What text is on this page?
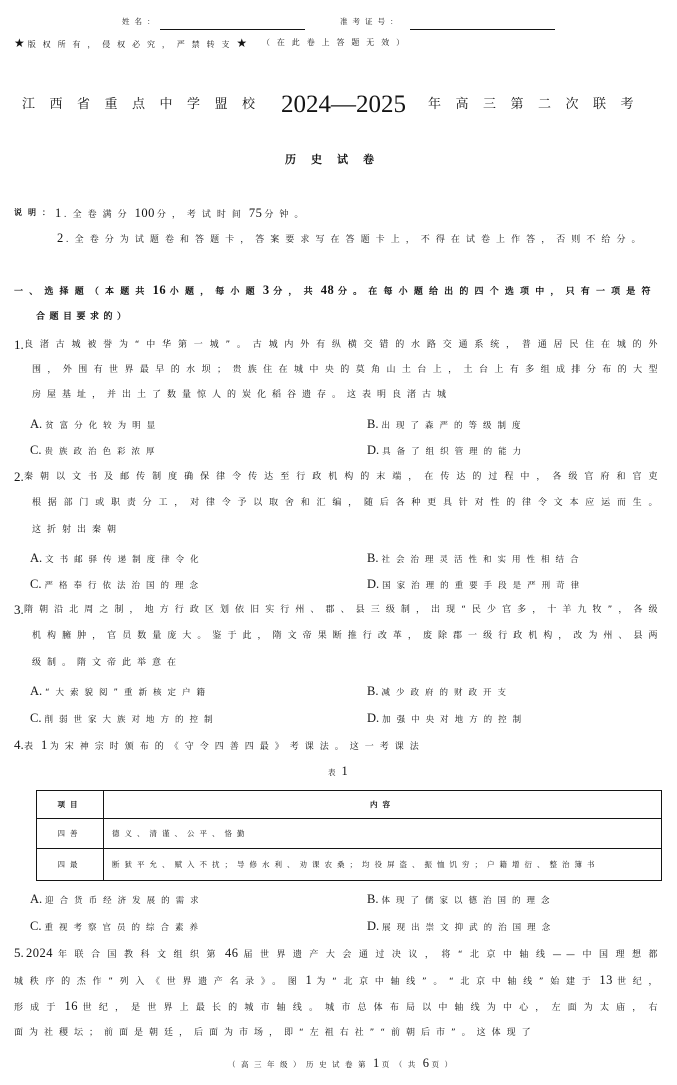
姓名：	准考证号：
★版权所有，侵权必究，严禁转支★ （在此卷上答题无效）
江西省重点中学盟校 2024—2025 年高三第二次联考
历史试卷
说明： 1 .全卷满分 100 分，考试时间 75 分钟。
2 .全卷分为试题卷和答题卡，答案要求写在答题卡上，不得在试卷上作答，否则不给分。
一、选择题（本题共 16 小题，每小题 3 分，共 48 分。在每小题给出的四个选项中，只有一项是符
合题目要求的）
1. 良渚古城被誉为“中华第一城”。古城内外有纵横交错的水路交通系统，普通居民住在城的外
围，外围有世界最早的水坝；贵族住在城中央的莫角山土台上，土台上有多组成排分布的大型
房屋基址，并出土了数量惊人的炭化稻谷遗存。这表明良渚古城
A. 贫富分化较为明显	B. 出现了森严的等级制度
C. 贵族政治色彩浓厚	D. 具备了组织管理的能力
2. 秦朝以文书及邮传制度确保律令传达至行政机构的末端，在传达的过程中，各级官府和官吏
根据部门或职责分工，对律令予以取舍和汇编，随后各种更具针对性的律令文本应运而生。
这折射出秦朝
A. 文书邮驿传递制度律令化	B. 社会治理灵活性和实用性相结合
C. 严格奉行依法治国的理念	D. 国家治理的重要手段是严刑苛律
3. 隋朝沿北周之制，地方行政区划依旧实行州、郡、县三级制，出现“民少官多，十羊九牧”，各级
机构臃肿，官员数量庞大。鉴于此，隋文帝果断推行改革，废除郡一级行政机构，改为州、县两
级制。隋文帝此举意在
A. “大索貌阅”重新核定户籍	B. 减少政府的财政开支
C. 削弱世家大族对地方的控制	D. 加强中央对地方的控制
4. 表 1 为宋神宗时颁布的《守令四善四最》考课法。这一考课法
表 1
项目	内容
四善	德义、清谨、公平、恪勤
四最	断狱平允、赋入不扰；导修水利、劝课农桑；均役屏盗、振恤饥穷；户籍增衍、整治簿书
A. 迎合货币经济发展的需求	B. 体现了儒家以德治国的理念
C. 重视考察官员的综合素养	D. 展现出崇文抑武的治国理念
5. 2024 年联合国教科文组织第 46 届世界遗产大会通过决议，将“北京中轴线——中国理想都
城秩序的杰作”列入《世界遗产名录》。图 1 为“北京中轴线”。“北京中轴线”始建于 13 世纪，
形成于 16 世纪，是世界上最长的城市轴线。城市总体布局以中轴线为中心，左面为太庙，右
面为社稷坛；前面是朝廷，后面为市场，即“左祖右社”“前朝后市”。这体现了
（高三年级）历史试卷第 1 页（共 6 页）
